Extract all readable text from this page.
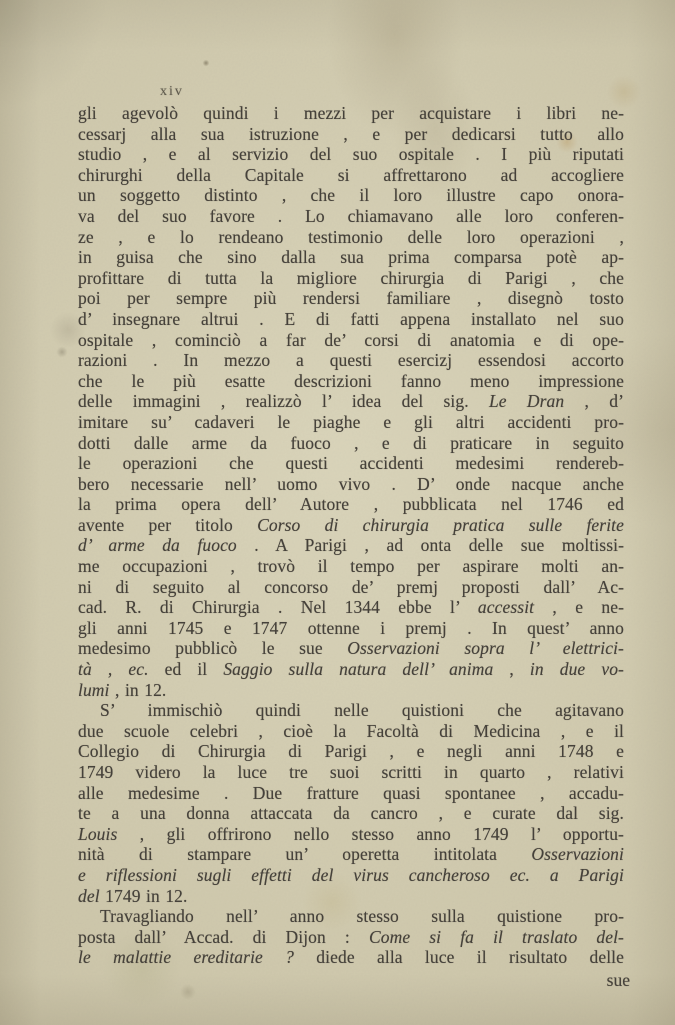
xiv
gli agevolò quindi i mezzi per acquistare i libri ne-
cessarj alla sua istruzione , e per dedicarsi tutto allo
studio , e al servizio del suo ospitale . I più riputati
chirurghi della Capitale si affrettarono ad accogliere
un soggetto distinto , che il loro illustre capo onora-
va del suo favore . Lo chiamavano alle loro conferen-
ze , e lo rendeano testimonio delle loro operazioni ,
in guisa che sino dalla sua prima comparsa potè ap-
profittare di tutta la migliore chirurgia di Parigi , che
poi per sempre più rendersi familiare , disegnò tosto
d’ insegnare altrui . E di fatti appena installato nel suo
ospitale , cominciò a far de’ corsi di anatomia e di ope-
razioni . In mezzo a questi esercizj essendosi accorto
che le più esatte descrizioni fanno meno impressione
delle immagini , realizzò l’ idea del sig. Le Dran , d’
imitare su’ cadaveri le piaghe e gli altri accidenti pro-
dotti dalle arme da fuoco , e di praticare in seguito
le operazioni che questi accidenti medesimi rendereb-
bero necessarie nell’ uomo vivo . D’ onde nacque anche
la prima opera dell’ Autore , pubblicata nel 1746 ed
avente per titolo Corso di chirurgia pratica sulle ferite
d’ arme da fuoco . A Parigi , ad onta delle sue moltissi-
me occupazioni , trovò il tempo per aspirare molti an-
ni di seguito al concorso de’ premj proposti dall’ Ac-
cad. R. di Chirurgia . Nel 1344 ebbe l’ accessit , e ne-
gli anni 1745 e 1747 ottenne i premj . In quest’ anno
medesimo pubblicò le sue Osservazioni sopra l’ elettrici-
tà , ec. ed il Saggio sulla natura dell’ anima , in due vo-
lumi , in 12.
S’ immischiò quindi nelle quistioni che agitavano
due scuole celebri , cioè la Facoltà di Medicina , e il
Collegio di Chirurgia di Parigi , e negli anni 1748 e
1749 videro la luce tre suoi scritti in quarto , relativi
alle medesime . Due fratture quasi spontanee , accadu-
te a una donna attaccata da cancro , e curate dal sig.
Louis , gli offrirono nello stesso anno 1749 l’ opportu-
nità di stampare un’ operetta intitolata Osservazioni
e riflessioni sugli effetti del virus cancheroso ec. a Parigi
del 1749 in 12.
Travagliando nell’ anno stesso sulla quistione pro-
posta dall’ Accad. di Dijon : Come si fa il traslato del-
le malattie ereditarie ? diede alla luce il risultato delle
sue
